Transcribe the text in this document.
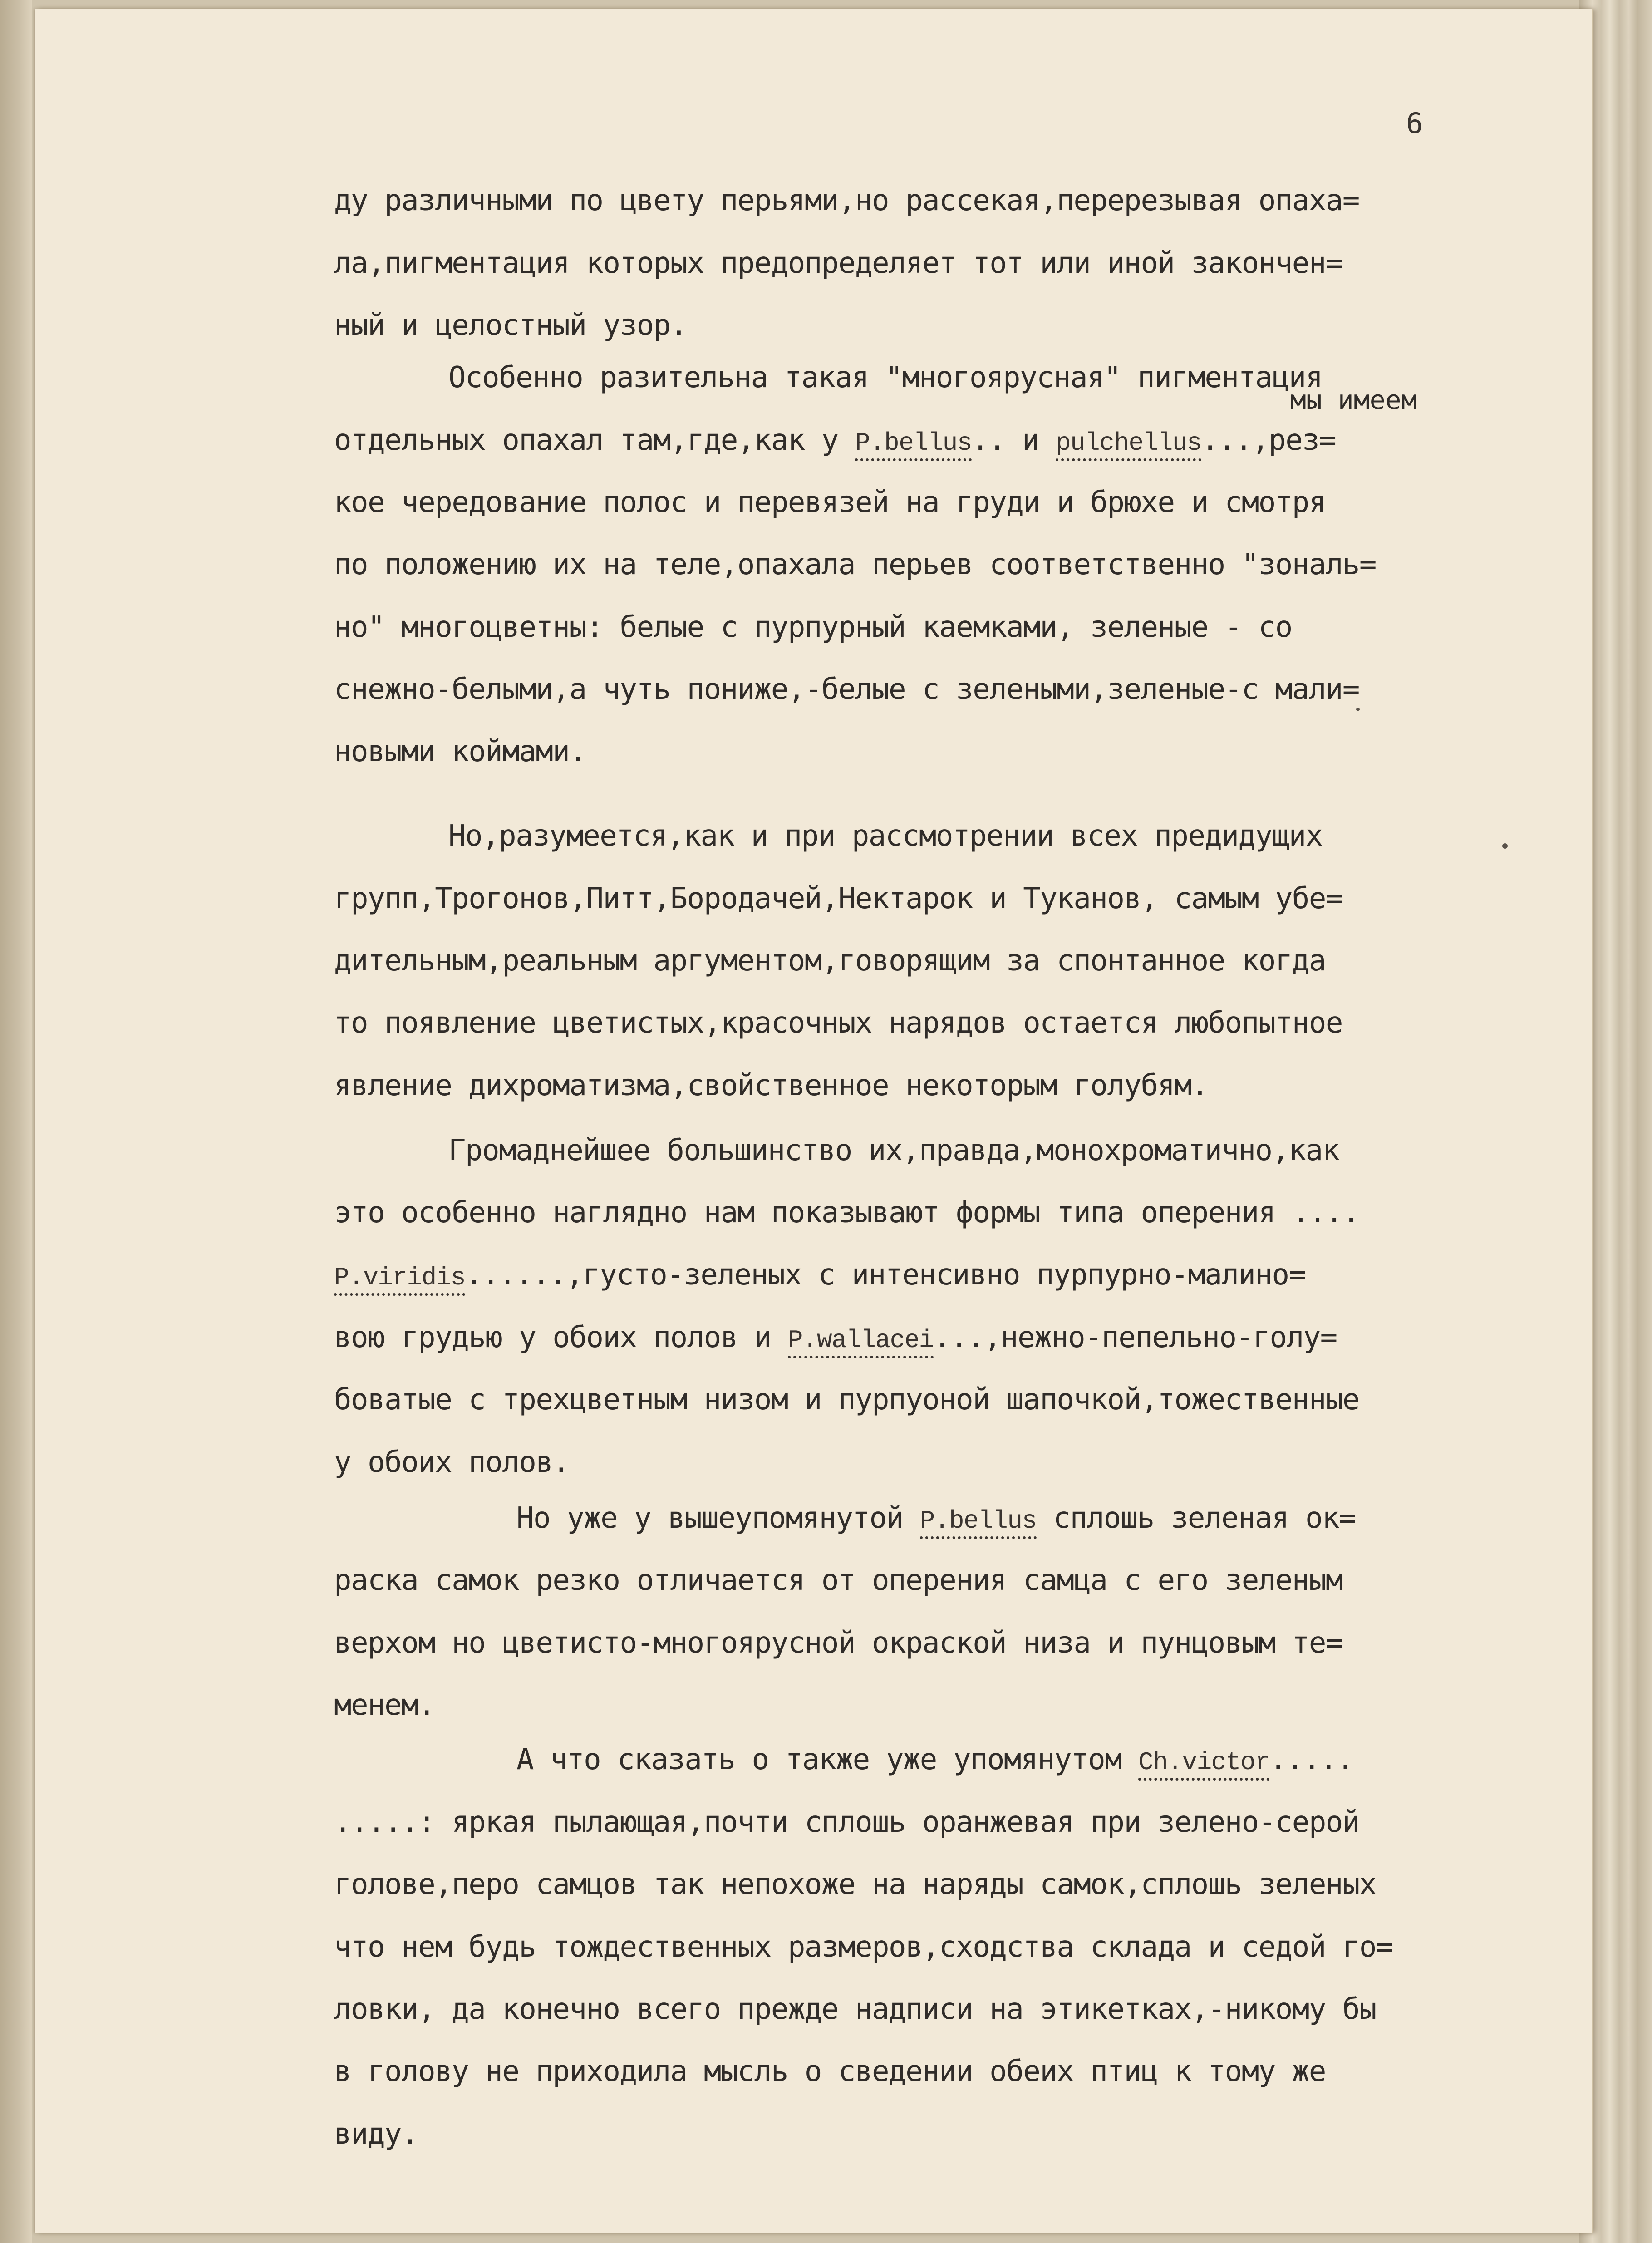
6

ду различными по цвету перьями,но рассекая,перерезывая опаха=

ла,пигментация которых предопределяет тот или иной закончен=

ный и целостный узор.

Особенно разительна такая "многоярусная" пигментация

отдельных опахал там,где,как у P.bellus.. и pulchellus...,рез=

кое чередование полос и перевязей на груди и брюхе и смотря

по положению их на теле,опахала перьев соответственно "зональ=

но" многоцветны: белые с пурпурный каемками, зеленые - со

снежно-белыми,а чуть пониже,-белые с зелеными,зеленые-с мали=

новыми коймами.

мы имеем

Но,разумеется,как и при рассмотрении всех предидущих

групп,Трогонов,Питт,Бородачей,Нектарок и Туканов, самым убе=

дительным,реальным аргументом,говорящим за спонтанное когда

то появление цветистых,красочных нарядов остается любопытное

явление дихроматизма,свойственное некоторым голубям.

Громаднейшее большинство их,правда,монохроматично,как

это особенно наглядно нам показывают формы типа оперения ....

P.viridis......,густо-зеленых с интенсивно пурпурно-малино=

вою грудью у обоих полов и P.wallacei...,нежно-пепельно-голу=

боватые с трехцветным низом и пурпуоной шапочкой,тожественные

у обоих полов.

Но уже у вышеупомянутой P.bellus сплошь зеленая ок=

раска самок резко отличается от оперения самца с его зеленым

верхом но цветисто-многоярусной окраской низа и пунцовым те=

менем.

А что сказать о также уже упомянутом Ch.victor.....

.....: яркая пылающая,почти сплошь оранжевая при зелено-серой

голове,перо самцов так непоxоже на наряды самок,сплошь зеленых

что нем будь тождественных размеров,сходства склада и седой го=

ловки, да конечно всего прежде надписи на этикетках,-никому бы

в голову не приходила мысль о сведении обеих птиц к тому же

виду.
